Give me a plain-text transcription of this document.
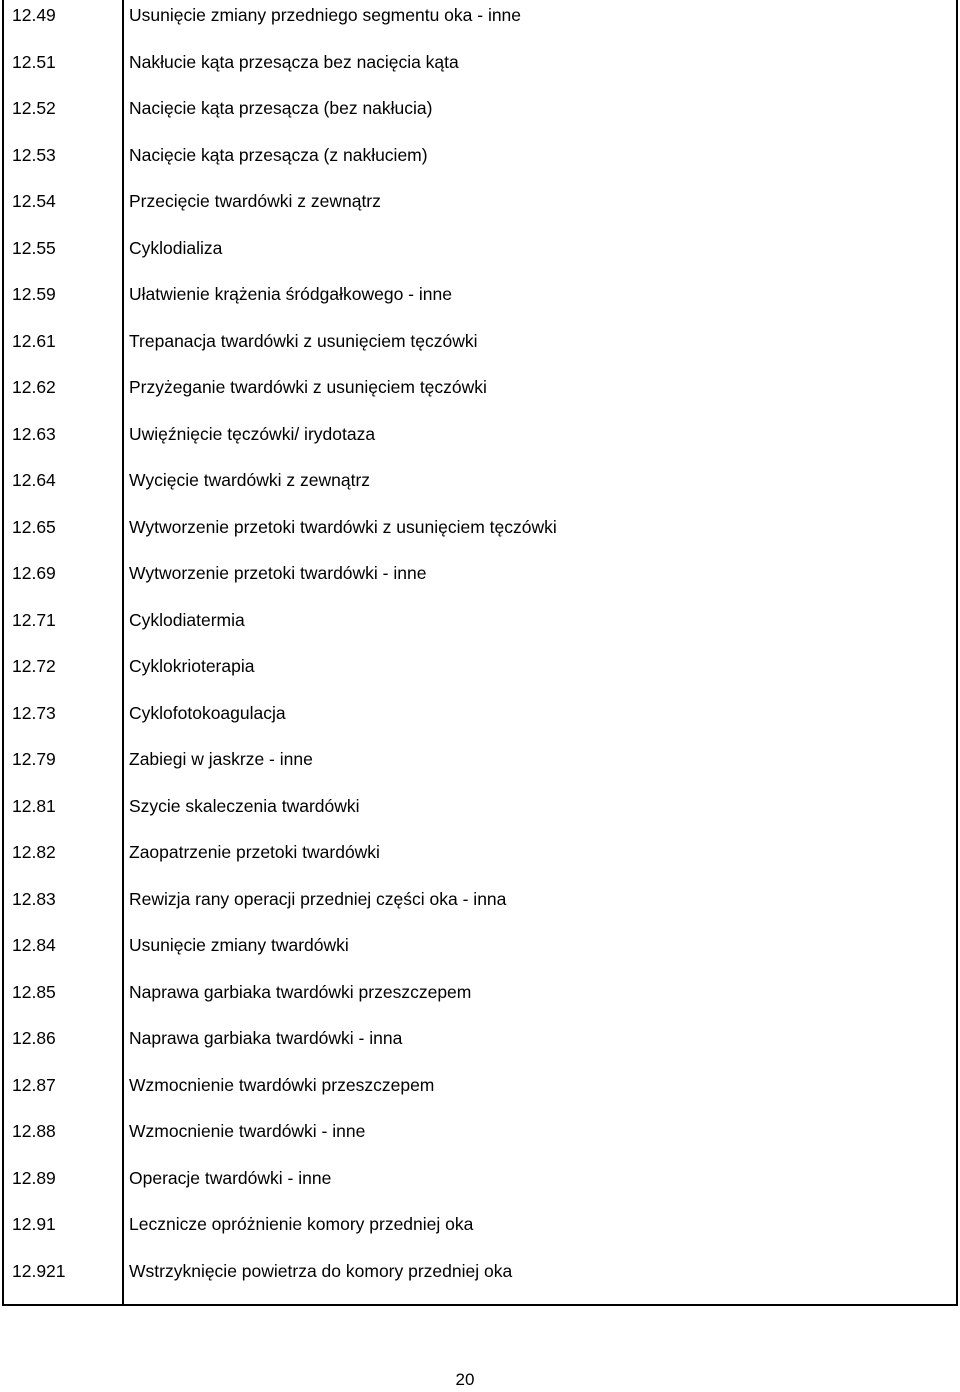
12.49	Usunięcie zmiany przedniego segmentu oka - inne
12.51	Nakłucie kąta przesącza bez nacięcia kąta
12.52	Nacięcie kąta przesącza (bez nakłucia)
12.53	Nacięcie kąta przesącza (z nakłuciem)
12.54	Przecięcie twardówki z zewnątrz
12.55	Cyklodializa
12.59	Ułatwienie krążenia śródgałkowego - inne
12.61	Trepanacja twardówki z usunięciem tęczówki
12.62	Przyżeganie twardówki z usunięciem tęczówki
12.63	Uwięźnięcie tęczówki/ irydotaza
12.64	Wycięcie twardówki z zewnątrz
12.65	Wytworzenie przetoki twardówki z usunięciem tęczówki
12.69	Wytworzenie przetoki twardówki - inne
12.71	Cyklodiatermia
12.72	Cyklokrioterapia
12.73	Cyklofotokoagulacja
12.79	Zabiegi w jaskrze - inne
12.81	Szycie skaleczenia twardówki
12.82	Zaopatrzenie przetoki twardówki
12.83	Rewizja rany operacji przedniej części oka - inna
12.84	Usunięcie zmiany twardówki
12.85	Naprawa garbiaka twardówki przeszczepem
12.86	Naprawa garbiaka twardówki - inna
12.87	Wzmocnienie twardówki przeszczepem
12.88	Wzmocnienie twardówki - inne
12.89	Operacje twardówki - inne
12.91	Lecznicze opróżnienie komory przedniej oka
12.921	Wstrzyknięcie powietrza do komory przedniej oka
20
